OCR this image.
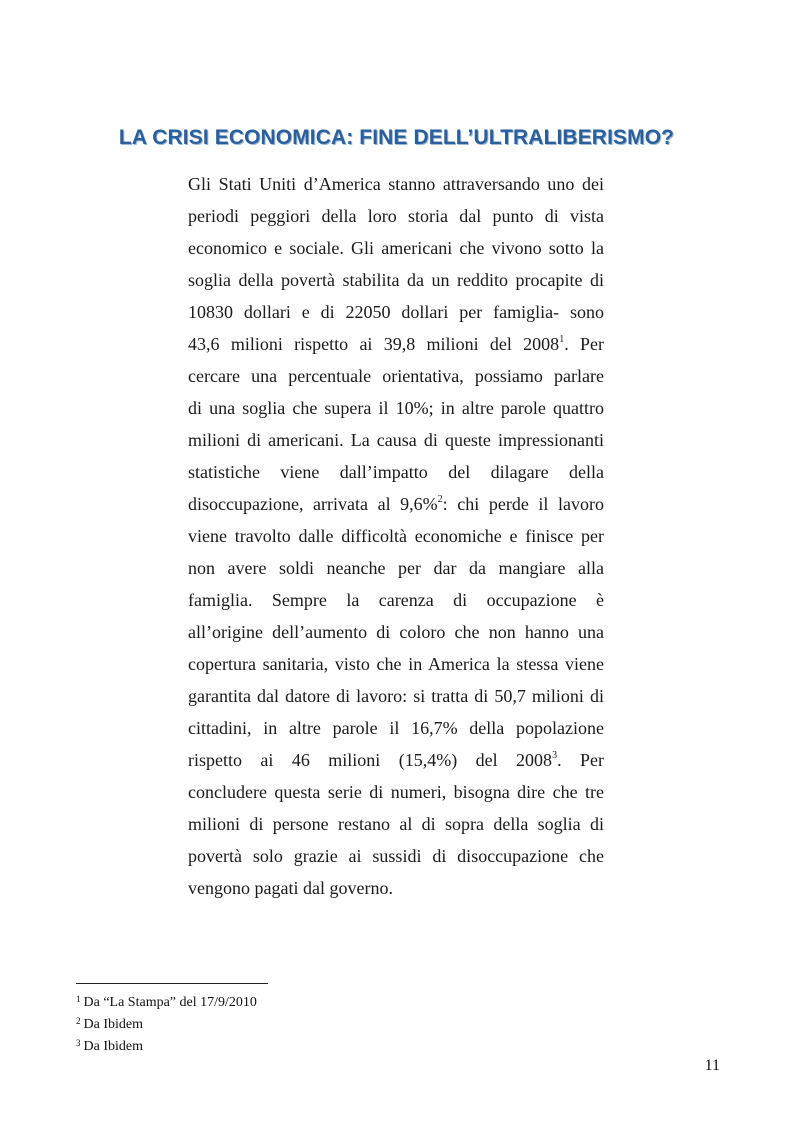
LA CRISI ECONOMICA: FINE DELL’ULTRALIBERISMO?
Gli Stati Uniti d’America stanno attraversando uno dei
periodi peggiori della loro storia dal punto di vista
economico e sociale. Gli americani che vivono sotto la
soglia della povertà stabilita da un reddito procapite di
10830 dollari e di 22050 dollari per famiglia- sono
43,6 milioni rispetto ai 39,8 milioni del 2008$^1$. Per
cercare una percentuale orientativa, possiamo parlare
di una soglia che supera il 10%; in altre parole quattro
milioni di americani. La causa di queste impressionanti
statistiche viene dall’impatto del dilagare della
disoccupazione, arrivata al 9,6%$^2$: chi perde il lavoro
viene travolto dalle difficoltà economiche e finisce per
non avere soldi neanche per dar da mangiare alla
famiglia. Sempre la carenza di occupazione è
all’origine dell’aumento di coloro che non hanno una
copertura sanitaria, visto che in America la stessa viene
garantita dal datore di lavoro: si tratta di 50,7 milioni di
cittadini, in altre parole il 16,7% della popolazione
rispetto ai 46 milioni (15,4%) del 2008$^3$. Per
concludere questa serie di numeri, bisogna dire che tre
milioni di persone restano al di sopra della soglia di
povertà solo grazie ai sussidi di disoccupazione che
vengono pagati dal governo.
$^1$ Da “La Stampa” del 17/9/2010
$^2$ Da Ibidem
$^3$ Da Ibidem
11
